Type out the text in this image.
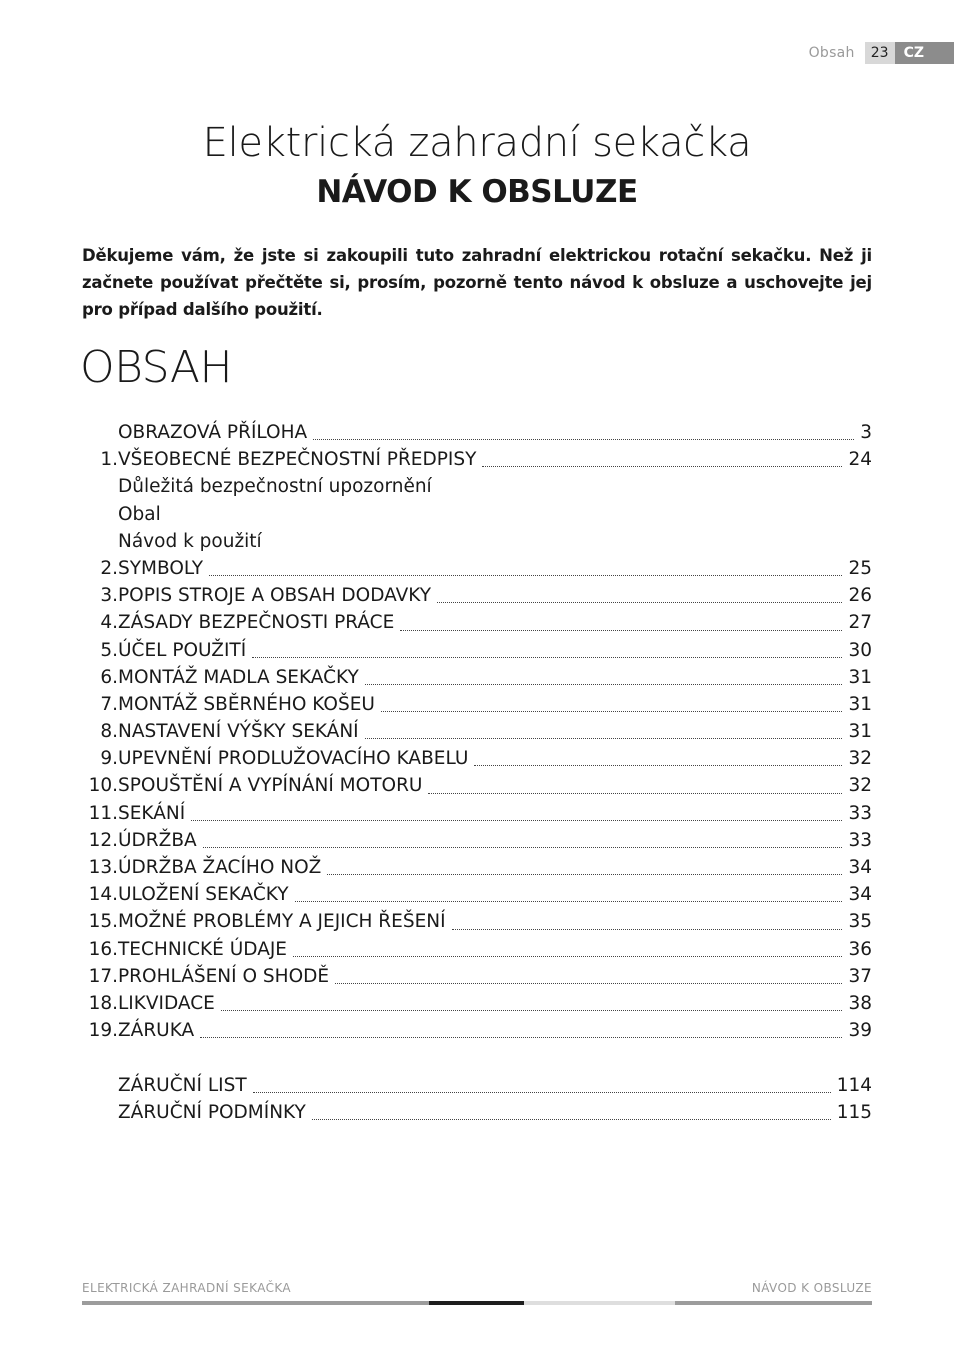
Obsah	23	CZ
Elektrická zahradní sekačka
NÁVOD K OBSLUZE

Děkujeme vám, že jste si zakoupili tuto zahradní elektrickou rotační sekačku. Než ji začnete používat přečtěte si, prosím, pozorně tento návod k obsluze a uschovejte jej pro případ dalšího použití.

OBSAH
OBRAZOVÁ PŘÍLOHA	3
1. VŠEOBECNÉ BEZPEČNOSTNÍ PŘEDPISY	24
Důležitá bezpečnostní upozornění
Obal
Návod k použití
2. SYMBOLY	25
3. POPIS STROJE A OBSAH DODAVKY	26
4. ZÁSADY BEZPEČNOSTI PRÁCE	27
5. ÚČEL POUŽITÍ	30
6. MONTÁŽ MADLA SEKAČKY	31
7. MONTÁŽ SBĚRNÉHO KOŠEU	31
8. NASTAVENÍ VÝŠKY SEKÁNÍ	31
9. UPEVNĚNÍ PRODLUŽOVACÍHO KABELU	32
10. SPOUŠTĚNÍ A VYPÍNÁNÍ MOTORU	32
11. SEKÁNÍ	33
12. ÚDRŽBA	33
13. ÚDRŽBA ŽACÍHO NOŽ	34
14. ULOŽENÍ SEKAČKY	34
15. MOŽNÉ PROBLÉMY A JEJICH ŘEŠENÍ	35
16. TECHNICKÉ ÚDAJE	36
17. PROHLÁŠENÍ O SHODĚ	37
18. LIKVIDACE	38
19. ZÁRUKA	39
ZÁRUČNÍ LIST	114
ZÁRUČNÍ PODMÍNKY	115
ELEKTRICKÁ ZAHRADNÍ SEKAČKA	NÁVOD K OBSLUZE
